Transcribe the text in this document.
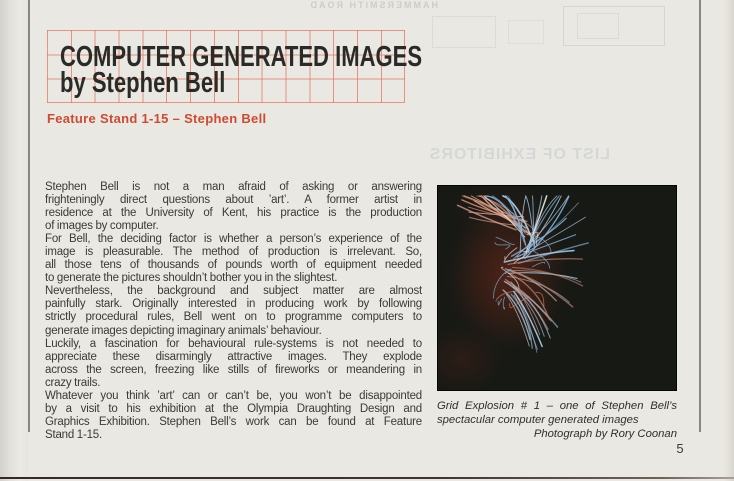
HAMMERSMITH ROAD
LIST OF EXHIBITORS
COMPUTER GENERATED IMAGES
by Stephen Bell
Feature Stand 1-15 – Stephen Bell
Stephen Bell is not a man afraid of asking or answering
frighteningly direct questions about ’art’. A former artist in
residence at the University of Kent, his practice is the production
of images by computer.
For Bell, the deciding factor is whether a person’s experience of the
image is pleasurable. The method of production is irrelevant. So,
all those tens of thousands of pounds worth of equipment needed
to generate the pictures shouldn’t bother you in the slightest.
Nevertheless, the background and subject matter are almost
painfully stark. Originally interested in producing work by following
strictly procedural rules, Bell went on to programme computers to
generate images depicting imaginary animals’ behaviour.
Luckily, a fascination for behavioural rule-systems is not needed to
appreciate these disarmingly attractive images. They explode
across the screen, freezing like stills of fireworks or meandering in
crazy trails.
Whatever you think ’art’ can or can’t be, you won’t be disappointed
by a visit to his exhibition at the Olympia Draughting Design and
Graphics Exhibition. Stephen Bell’s work can be found at Feature
Stand 1-15.
Grid Explosion # 1 – one of Stephen Bell’s
spectacular computer generated images
Photograph by Rory Coonan
5
